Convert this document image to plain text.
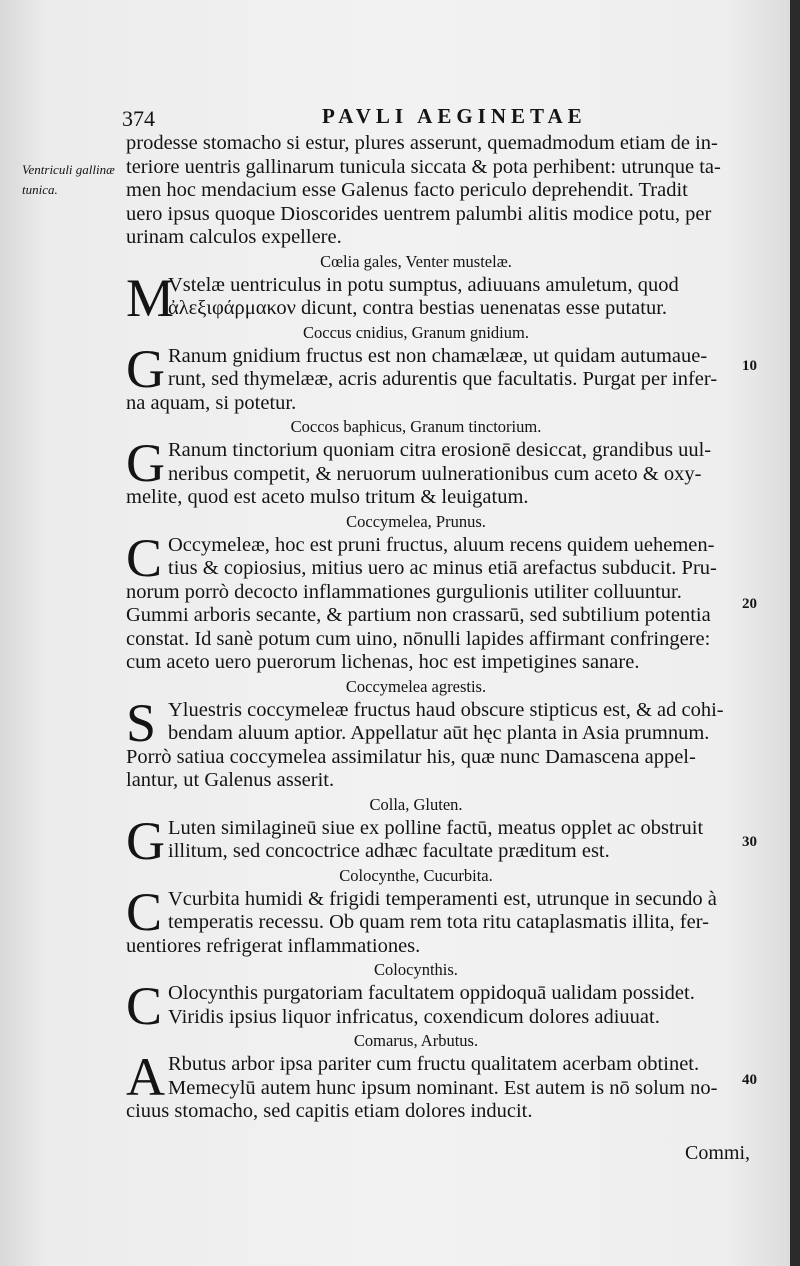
374	PAVLI AEGINETAE
Ventriculi gallinæ tunica.
10
20
30
40
prodesse stomacho si estur, plures asserunt, quemadmodum etiam de in-
teriore uentris gallinarum tunicula siccata & pota perhibent: utrunque ta-
men hoc mendacium esse Galenus facto periculo deprehendit. Tradit
uero ipsus quoque Dioscorides uentrem palumbi alitis modice potu, per
urinam calculos expellere.
Cœlia gales, Venter mustelæ.
M
Vstelæ uentriculus in potu sumptus, adiuuans amuletum, quod
ἀλεξιφάρμακον dicunt, contra bestias uenenatas esse putatur.
Coccus cnidius, Granum gnidium.
G Ranum gnidium fructus est non chamælææ, ut quidam autumaue-
runt, sed thymelææ, acris adurentis que facultatis. Purgat per infer-
na aquam, si potetur.
Coccos baphicus, Granum tinctorium.
G Ranum tinctorium quoniam citra erosionē desiccat, grandibus uul-
neribus competit, & neruorum uulnerationibus cum aceto & oxy-
melite, quod est aceto mulso tritum & leuigatum.
Coccymelea, Prunus.
C Occymeleæ, hoc est pruni fructus, aluum recens quidem uehemen-
tius & copiosius, mitius uero ac minus etiā arefactus subducit. Pru-
norum porrò decocto inflammationes gurgulionis utiliter colluuntur.
Gummi arboris secante, & partium non crassarū, sed subtilium potentia
constat. Id sanè potum cum uino, nōnulli lapides affirmant confringere:
cum aceto uero puerorum lichenas, hoc est impetigines sanare.
Coccymelea agrestis.
S Yluestris coccymeleæ fructus haud obscure stipticus est, & ad cohi-
bendam aluum aptior. Appellatur aūt hęc planta in Asia prumnum.
Porrò satiua coccymelea assimilatur his, quæ nunc Damascena appel-
lantur, ut Galenus asserit.
Colla, Gluten.
G Luten similagineū siue ex polline factū, meatus opplet ac obstruit
illitum, sed concoctrice adhæc facultate præditum est.
Colocynthe, Cucurbita.
C Vcurbita humidi & frigidi temperamenti est, utrunque in secundo à
temperatis recessu. Ob quam rem tota ritu cataplasmatis illita, fer-
uentiores refrigerat inflammationes.
Colocynthis.
C Olocynthis purgatoriam facultatem oppidoquā ualidam possidet.
Viridis ipsius liquor infricatus, coxendicum dolores adiuuat.
Comarus, Arbutus.
A Rbutus arbor ipsa pariter cum fructu qualitatem acerbam obtinet.
Memecylū autem hunc ipsum nominant. Est autem is nō solum no-
ciuus stomacho, sed capitis etiam dolores inducit.
Commi,
